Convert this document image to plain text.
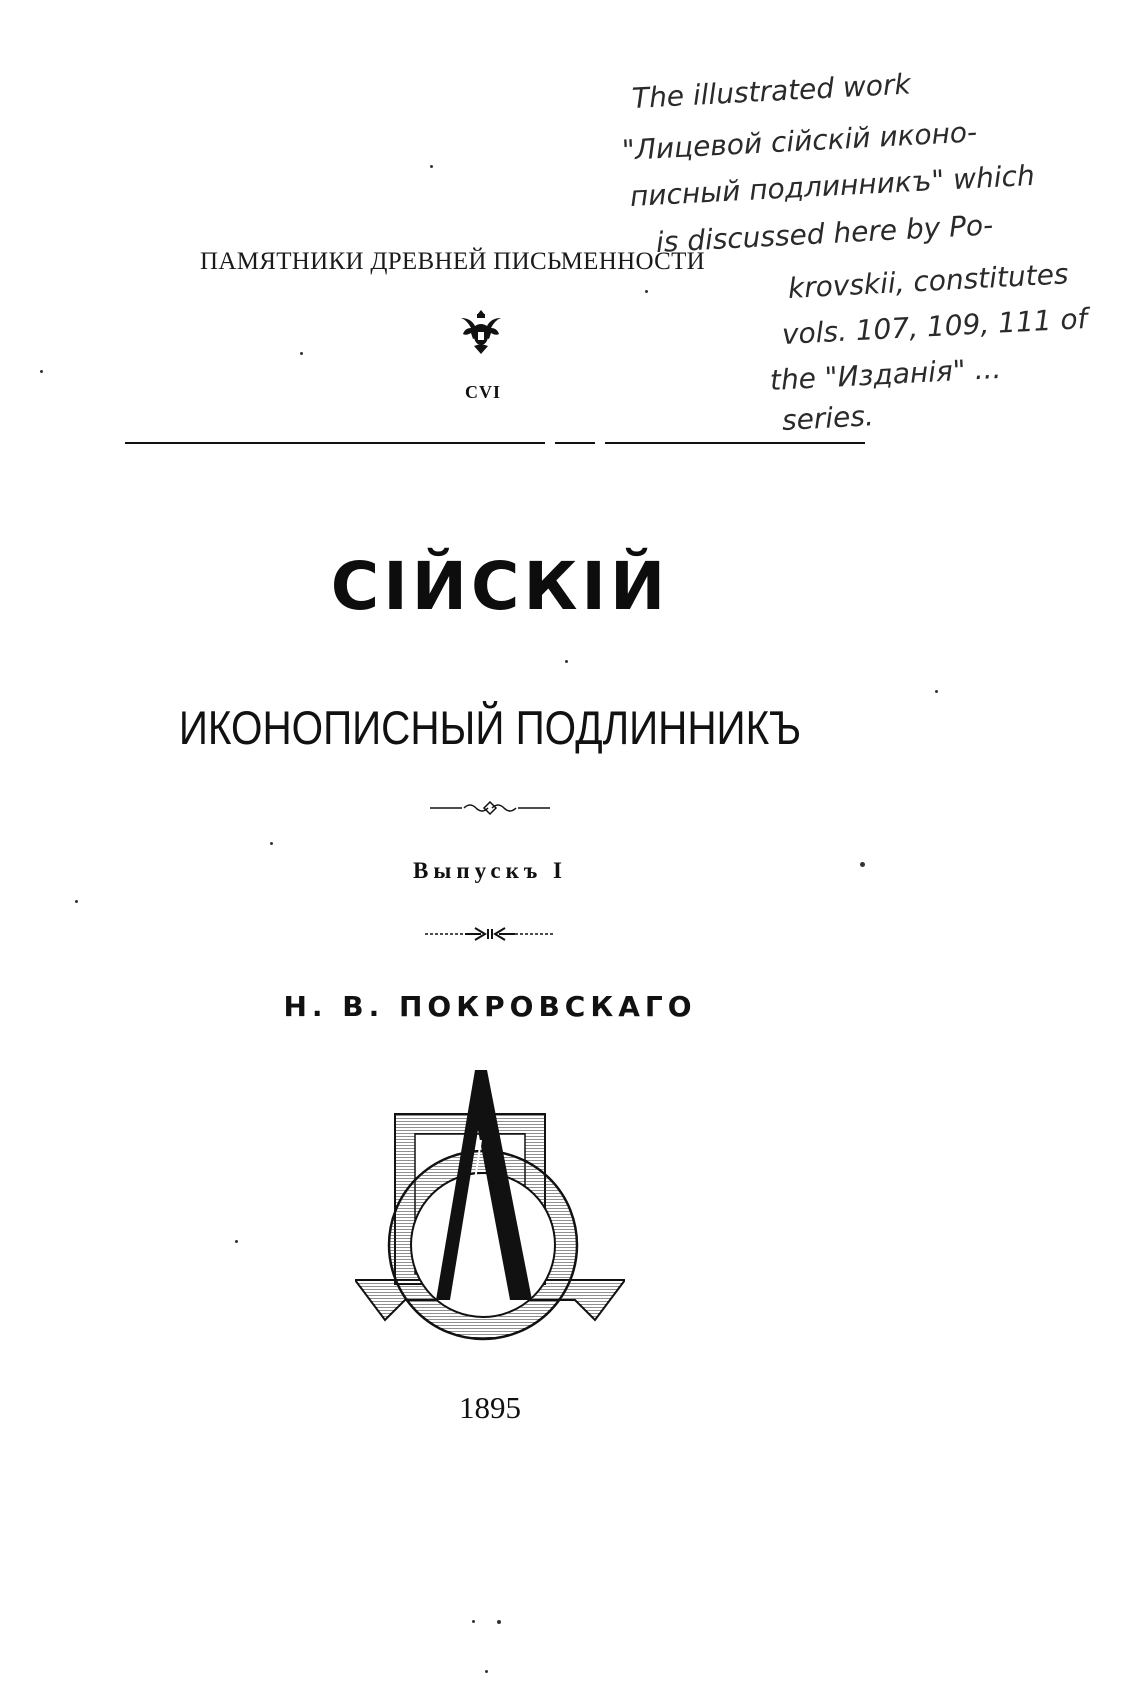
ПАМЯТНИКИ ДРЕВНЕЙ ПИСЬМЕННОСТИ
CVI
СІЙСКІЙ
ИКОНОПИСНЫЙ ПОДЛИННИКЪ
Выпускъ I
Н. В. ПОКРОВСКАГО
1895
The illustrated work
"Лицевой сійскій иконо-
писный подлинникъ" which
is discussed here by Po-
krovskii, constitutes
vols. 107, 109, 111 of
the "Изданія" ...
series.
